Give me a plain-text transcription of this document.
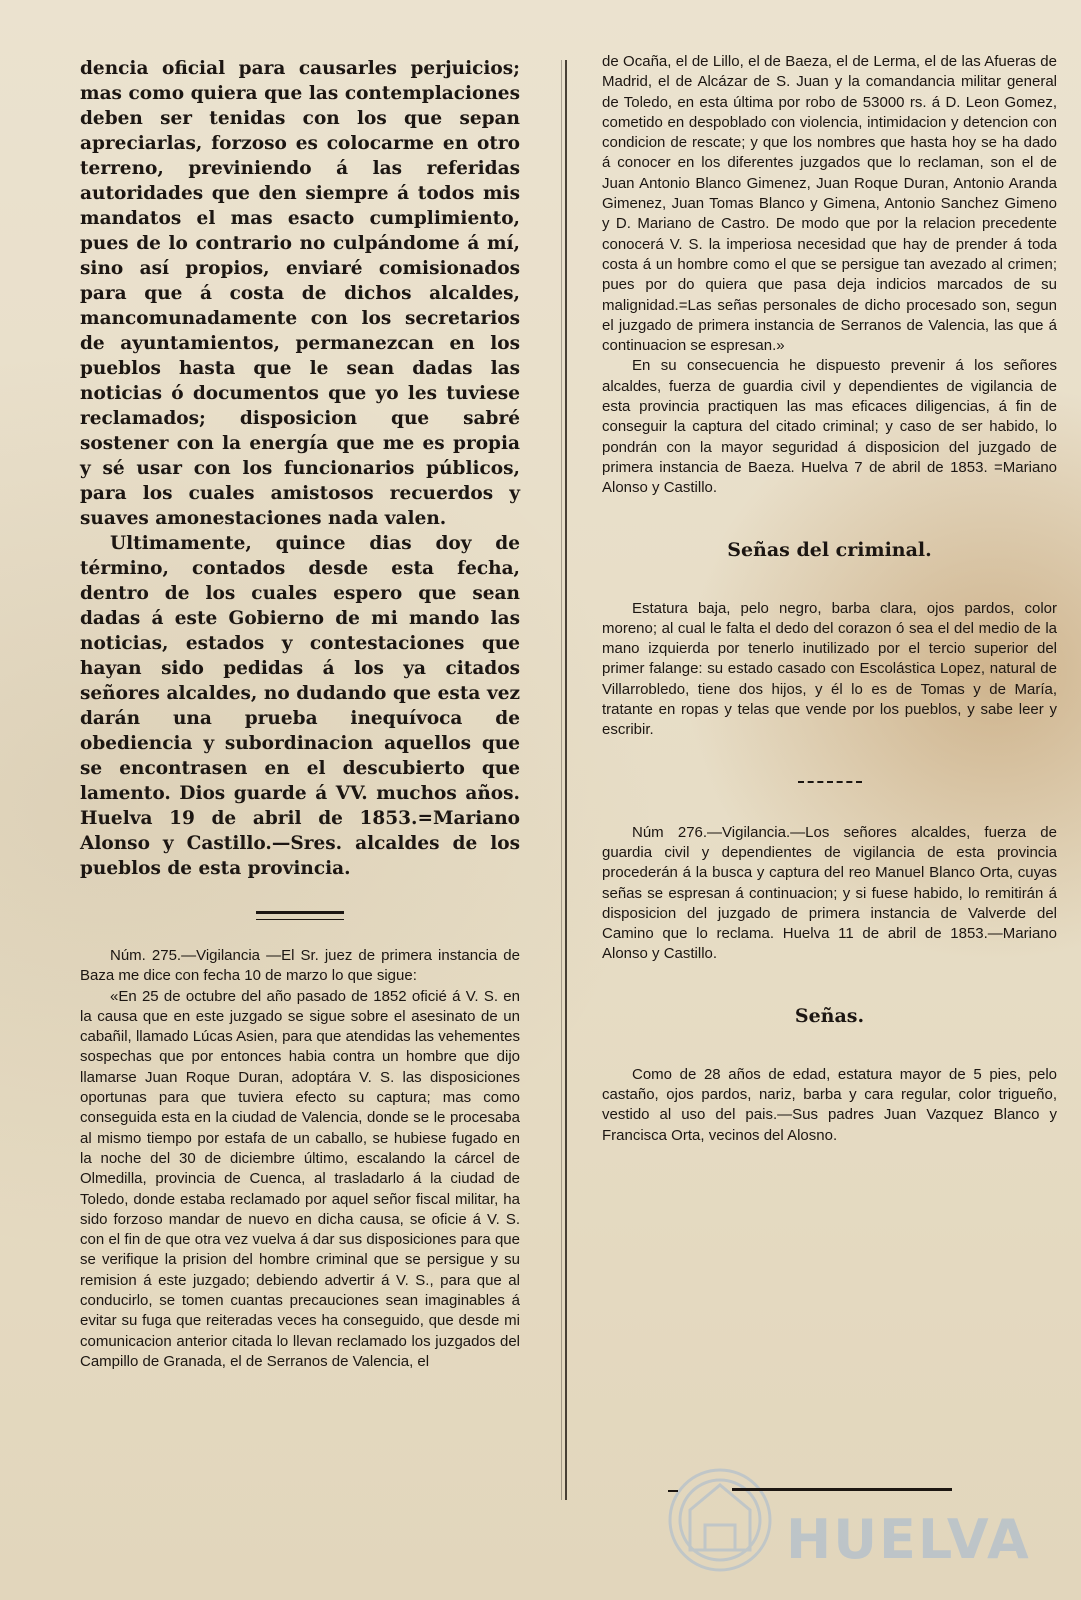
dencia oficial para causarles perjuicios; mas como quiera que las contemplaciones deben ser tenidas con los que sepan apreciarlas, forzoso es colocarme en otro terreno, previniendo á las referidas autoridades que den siempre á todos mis mandatos el mas esacto cumplimiento, pues de lo contrario no culpándome á mí, sino así propios, enviaré comisionados para que á costa de dichos alcaldes, mancomunadamente con los secretarios de ayuntamientos, permanezcan en los pueblos hasta que le sean dadas las noticias ó documentos que yo les tuviese reclamados; disposicion que sabré sostener con la energía que me es propia y sé usar con los funcionarios públicos, para los cuales amistosos recuerdos y suaves amonestaciones nada valen.

Ultimamente, quince dias doy de término, contados desde esta fecha, dentro de los cuales espero que sean dadas á este Gobierno de mi mando las noticias, estados y contestaciones que hayan sido pedidas á los ya citados señores alcaldes, no dudando que esta vez darán una prueba inequívoca de obediencia y subordinacion aquellos que se encontrasen en el descubierto que lamento. Dios guarde á VV. muchos años. Huelva 19 de abril de 1853.=Mariano Alonso y Castillo.—Sres. alcaldes de los pueblos de esta provincia.

Núm. 275.—Vigilancia —El Sr. juez de primera instancia de Baza me dice con fecha 10 de marzo lo que sigue:

«En 25 de octubre del año pasado de 1852 oficié á V. S. en la causa que en este juzgado se sigue sobre el asesinato de un cabañil, llamado Lúcas Asien, para que atendidas las vehementes sospechas que por entonces habia contra un hombre que dijo llamarse Juan Roque Duran, adoptára V. S. las disposiciones oportunas para que tuviera efecto su captura; mas como conseguida esta en la ciudad de Valencia, donde se le procesaba al mismo tiempo por estafa de un caballo, se hubiese fugado en la noche del 30 de diciembre último, escalando la cárcel de Olmedilla, provincia de Cuenca, al trasladarlo á la ciudad de Toledo, donde estaba reclamado por aquel señor fiscal militar, ha sido forzoso mandar de nuevo en dicha causa, se oficie á V. S. con el fin de que otra vez vuelva á dar sus disposiciones para que se verifique la prision del hombre criminal que se persigue y su remision á este juzgado; debiendo advertir á V. S., para que al conducirlo, se tomen cuantas precauciones sean imaginables á evitar su fuga que reiteradas veces ha conseguido, que desde mi comunicacion anterior citada lo llevan reclamado los juzgados del Campillo de Granada, el de Serranos de Valencia, el

de Ocaña, el de Lillo, el de Baeza, el de Lerma, el de las Afueras de Madrid, el de Alcázar de S. Juan y la comandancia militar general de Toledo, en esta última por robo de 53000 rs. á D. Leon Gomez, cometido en despoblado con violencia, intimidacion y detencion con condicion de rescate; y que los nombres que hasta hoy se ha dado á conocer en los diferentes juzgados que lo reclaman, son el de Juan Antonio Blanco Gimenez, Juan Roque Duran, Antonio Aranda Gimenez, Juan Tomas Blanco y Gimena, Antonio Sanchez Gimeno y D. Mariano de Castro. De modo que por la relacion precedente conocerá V. S. la imperiosa necesidad que hay de prender á toda costa á un hombre como el que se persigue tan avezado al crimen; pues por do quiera que pasa deja indicios marcados de su malignidad.=Las señas personales de dicho procesado son, segun el juzgado de primera instancia de Serranos de Valencia, las que á continuacion se espresan.»

En su consecuencia he dispuesto prevenir á los señores alcaldes, fuerza de guardia civil y dependientes de vigilancia de esta provincia practiquen las mas eficaces diligencias, á fin de conseguir la captura del citado criminal; y caso de ser habido, lo pondrán con la mayor seguridad á disposicion del juzgado de primera instancia de Baeza. Huelva 7 de abril de 1853. =Mariano Alonso y Castillo.

Señas del criminal.

Estatura baja, pelo negro, barba clara, ojos pardos, color moreno; al cual le falta el dedo del corazon ó sea el del medio de la mano izquierda por tenerlo inutilizado por el tercio superior del primer falange: su estado casado con Escolástica Lopez, natural de Villarrobledo, tiene dos hijos, y él lo es de Tomas y de María, tratante en ropas y telas que vende por los pueblos, y sabe leer y escribir.

Núm 276.—Vigilancia.—Los señores alcaldes, fuerza de guardia civil y dependientes de vigilancia de esta provincia procederán á la busca y captura del reo Manuel Blanco Orta, cuyas señas se espresan á continuacion; y si fuese habido, lo remitirán á disposicion del juzgado de primera instancia de Valverde del Camino que lo reclama. Huelva 11 de abril de 1853.—Mariano Alonso y Castillo.

Señas.

Como de 28 años de edad, estatura mayor de 5 pies, pelo castaño, ojos pardos, nariz, barba y cara regular, color trigueño, vestido al uso del pais.—Sus padres Juan Vazquez Blanco y Francisca Orta, vecinos del Alosno.

HUELVA
